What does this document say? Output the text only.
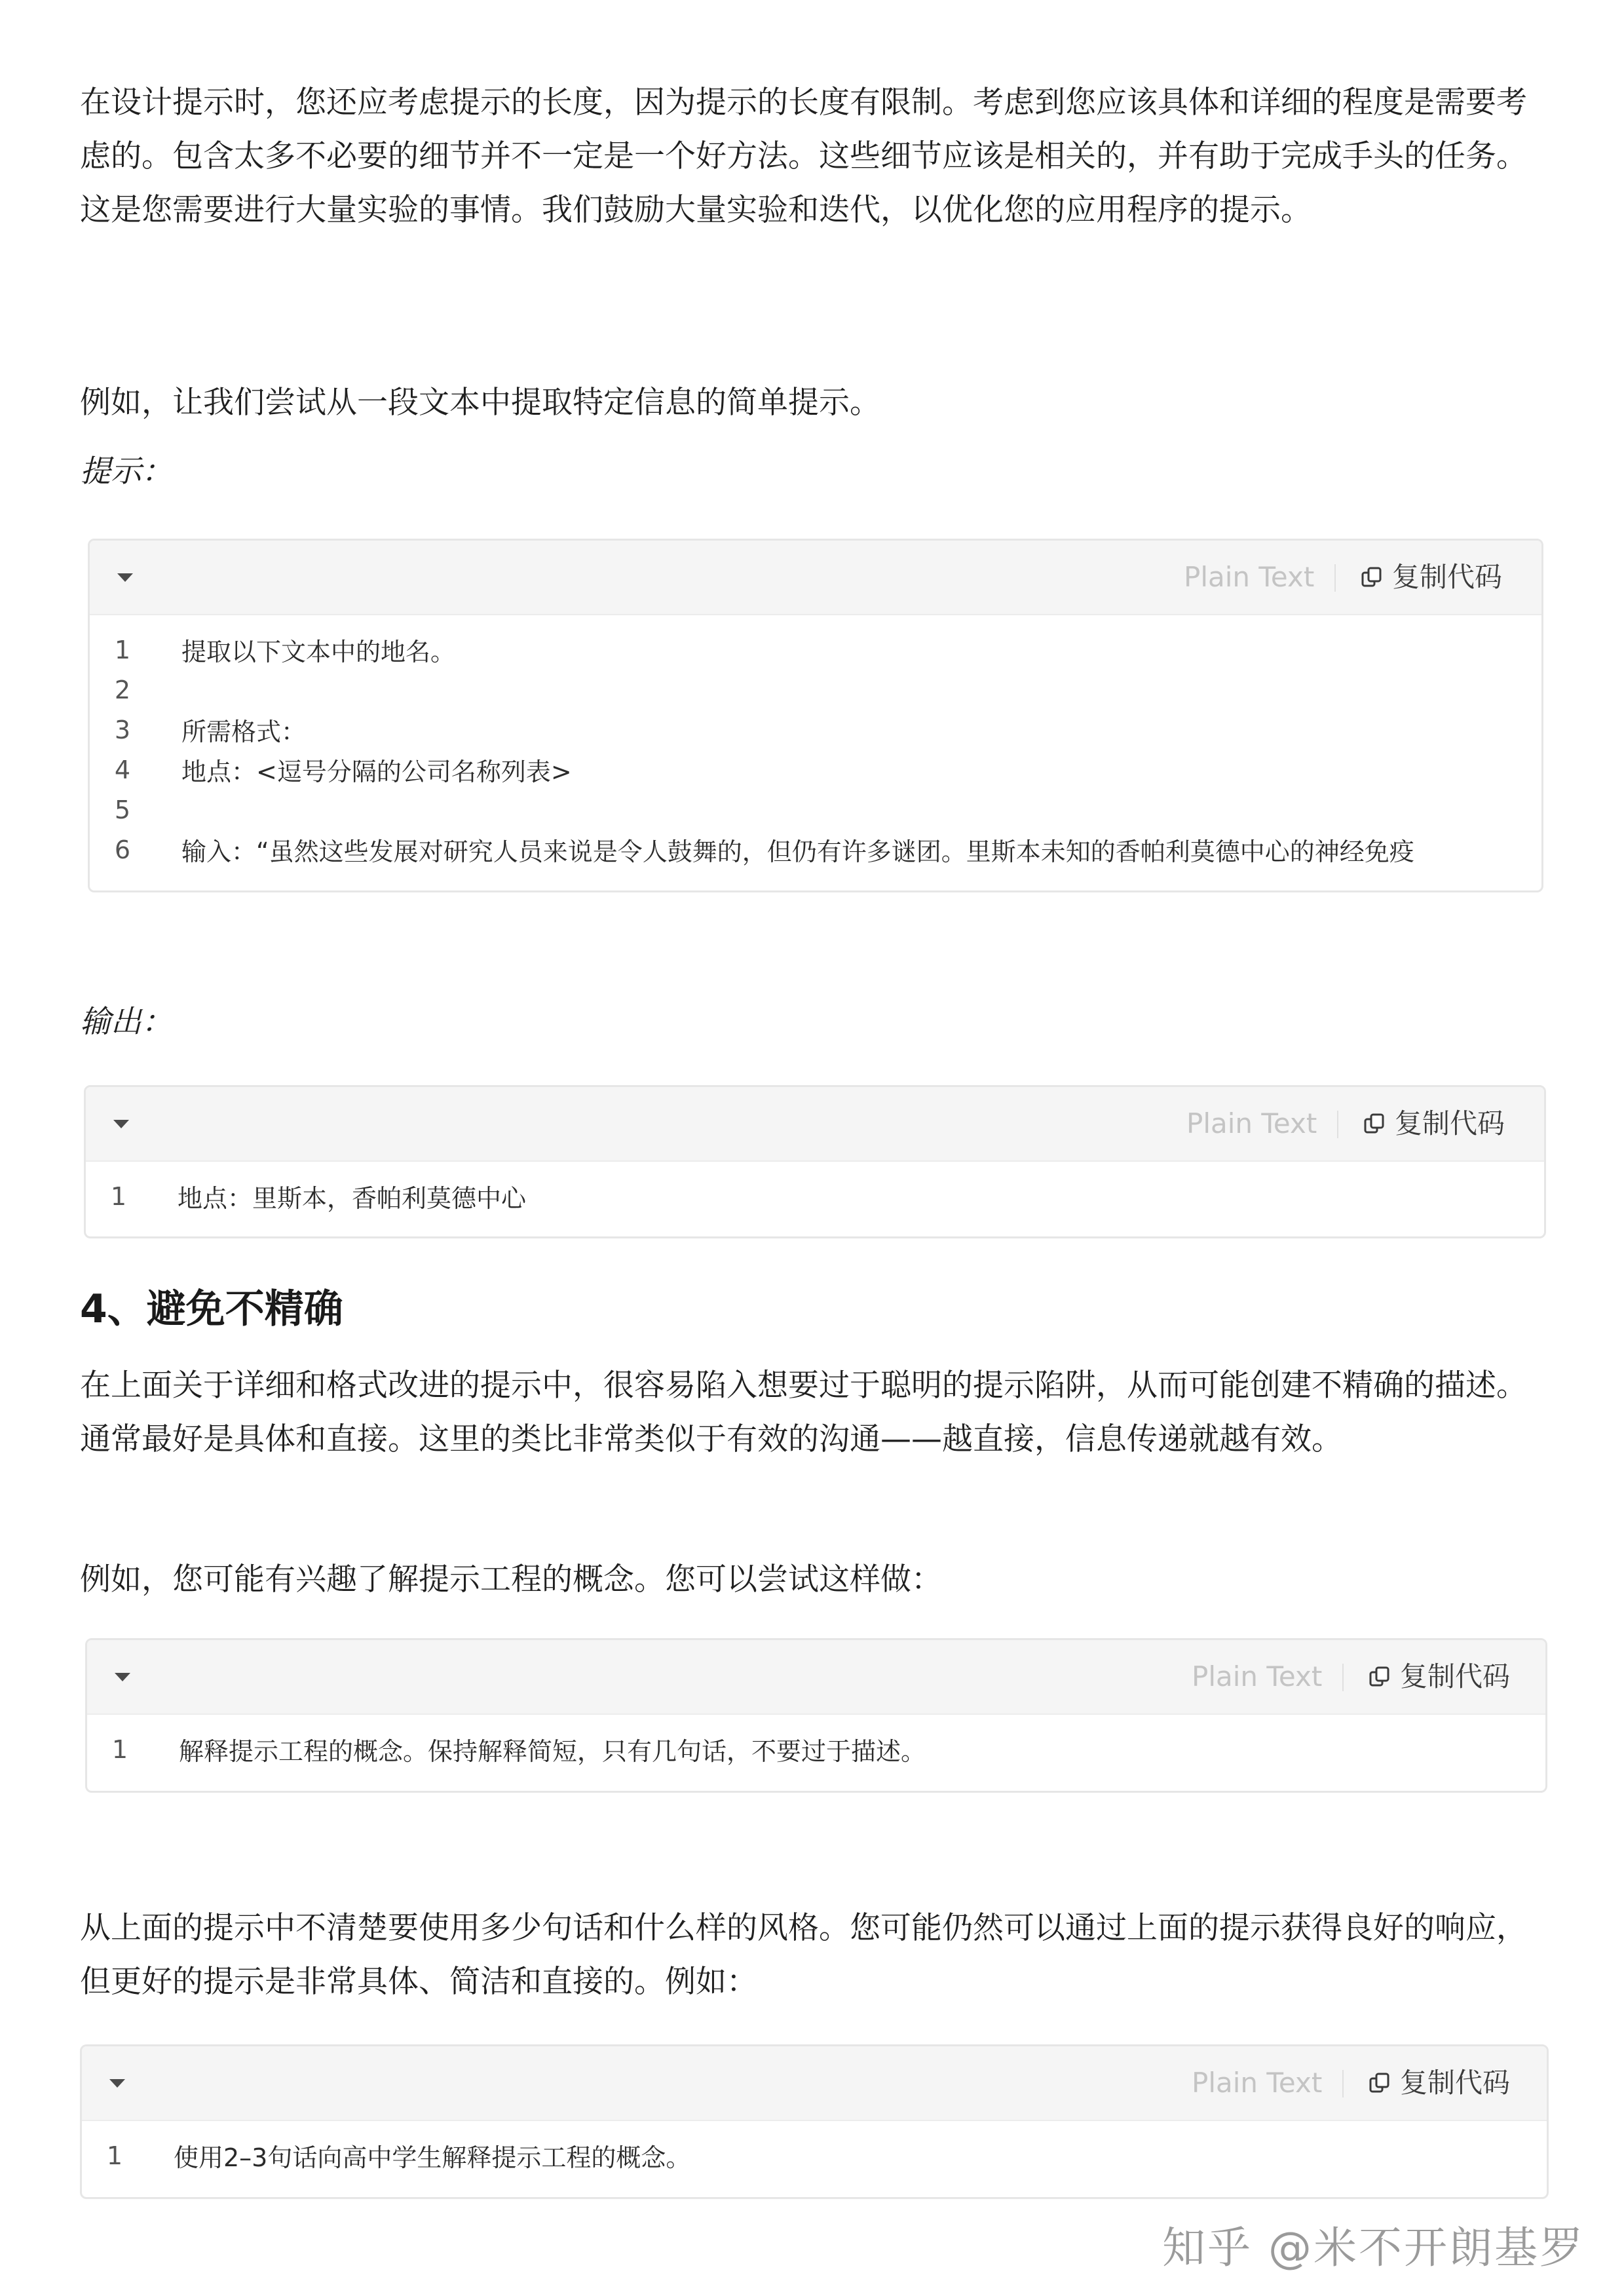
在设计提示时，您还应考虑提示的长度，因为提示的长度有限制。考虑到您应该具体和详细的程度是需要考虑的。包含太多不必要的细节并不一定是一个好方法。这些细节应该是相关的，并有助于完成手头的任务。这是您需要进行大量实验的事情。我们鼓励大量实验和迭代，以优化您的应用程序的提示。

例如，让我们尝试从一段文本中提取特定信息的简单提示。

提示：

Plain Text	复制代码
1	提取以下文本中的地名。
2
3	所需格式：
4	地点：<逗号分隔的公司名称列表>
5
6	输入：“虽然这些发展对研究人员来说是令人鼓舞的，但仍有许多谜团。里斯本未知的香帕利莫德中心的神经免疫

输出：

Plain Text	复制代码
1	地点：里斯本，香帕利莫德中心
4、避免不精确

在上面关于详细和格式改进的提示中，很容易陷入想要过于聪明的提示陷阱，从而可能创建不精确的描述。通常最好是具体和直接。这里的类比非常类似于有效的沟通——越直接，信息传递就越有效。

例如，您可能有兴趣了解提示工程的概念。您可以尝试这样做：

Plain Text	复制代码
1	解释提示工程的概念。保持解释简短，只有几句话，不要过于描述。

从上面的提示中不清楚要使用多少句话和什么样的风格。您可能仍然可以通过上面的提示获得良好的响应，但更好的提示是非常具体、简洁和直接的。例如：

Plain Text	复制代码
1	使用2–3句话向高中学生解释提示工程的概念。
知乎 @米不开朗基罗
